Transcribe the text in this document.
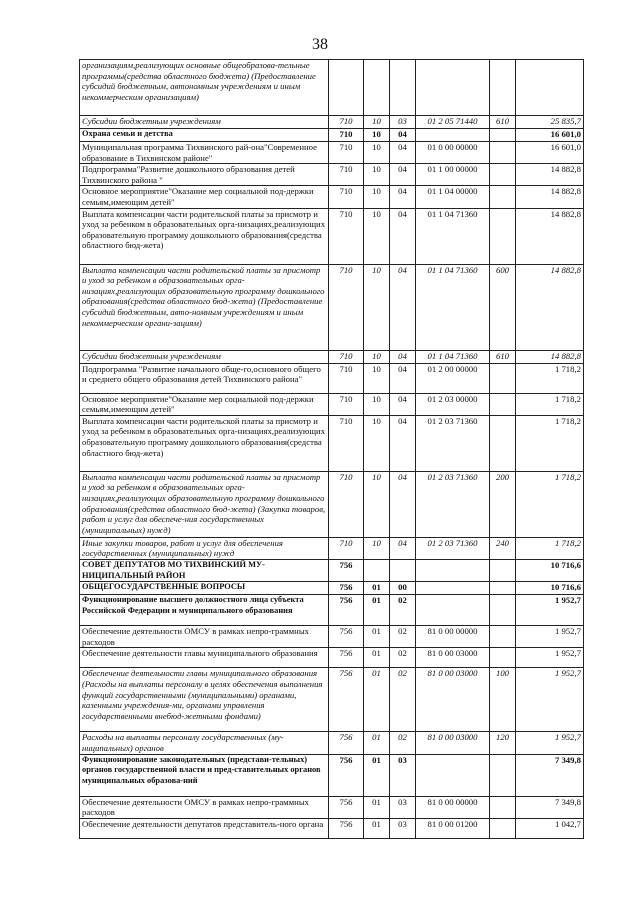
38
организациям,реализующих основные общеобразова-тельные программы(средства областного бюджета) (Предоставление субсидий бюджетным, автономным учреждениям и иным некоммерческим организациям)						
Субсидии бюджетным учреждениям	710	10	03	01 2 05 71440	610	25 835,7
Охрана семьи и детства	710	10	04			16 601,0
Муниципальная программа Тихвинского рай-она"Современное образование в Тихвинском районе"	710	10	04	01 0 00 00000		16 601,0
Подпрограмма"Развитие дошкольного образования детей Тихвинского района "	710	10	04	01 1 00 00000		14 882,8
Основное мероприятие"Оказание мер социальной под-держки семьям,имеющим детей"	710	10	04	01 1 04 00000		14 882,8
Выплата компенсации части родительской платы за присмотр и уход за ребенком в образовательных орга-низациях,реализующих образовательную программу дошкольного образования(средства областного бюд-жета)	710	10	04	01 1 04 71360		14 882,8
Выплата компенсации части родительской платы за присмотр и уход за ребенком в образовательных орга-низациях,реализующих образовательную программу дошкольного образования(средства областного бюд-жета) (Предоставление субсидий бюджетным, авто-номным учреждениям и иным некоммерческим органи-зациям)	710	10	04	01 1 04 71360	600	14 882,8
Субсидии бюджетным учреждениям	710	10	04	01 1 04 71360	610	14 882,8
Подпрограмма "Развитие начального обще-го,основного общего и среднего общего образования детей Тихвинского района"	710	10	04	01 2 00 00000		1 718,2
Основное мероприятие"Оказание мер социальной под-держки семьям,имеющим детей"	710	10	04	01 2 03 00000		1 718,2
Выплата компенсации части родительской платы за присмотр и уход за ребенком в образовательных орга-низациях,реализующих образовательную программу дошкольного образования(средства областного бюд-жета)	710	10	04	01 2 03 71360		1 718,2
Выплата компенсации части родительской платы за присмотр и уход за ребенком в образовательных орга-низациях,реализующих образовательную программу дошкольного образования(средства областного бюд-жета) (Закупка товаров, работ и услуг для обеспече-ния государственных (муниципальных) нужд)	710	10	04	01 2 03 71360	200	1 718,2
Иные закупки товаров, работ и услуг для обеспечения государственных (муниципальных) нужд	710	10	04	01 2 03 71360	240	1 718,2
СОВЕТ ДЕПУТАТОВ МО ТИХВИНСКИЙ МУ-НИЦИПАЛЬНЫЙ РАЙОН	756					10 716,6
ОБЩЕГОСУДАРСТВЕННЫЕ ВОПРОСЫ	756	01	00			10 716,6
Функционирование высшего должностного лица субъекта Российской Федерации и муниципального образования	756	01	02			1 952,7
Обеспечение деятельности ОМСУ в рамках непро-граммных расходов	756	01	02	81 0 00 00000		1 952,7
Обеспечение деятельности главы муниципального образования	756	01	02	81 0 00 03000		1 952,7
Обеспечение деятельности главы муниципального образования (Расходы на выплаты персоналу в целях обеспечения выполнения функций государственными (муниципальными) органами, казенными учреждения-ми, органами управления государственными внебюд-жетными фондами)	756	01	02	81 0 00 03000	100	1 952,7
Расходы на выплаты персоналу государственных (му-ниципальных) органов	756	01	02	81 0 00 03000	120	1 952,7
Функционирование законодательных (представи-тельных) органов государственной власти и пред-ставительных органов муниципальных образова-ний	756	01	03			7 349,8
Обеспечение деятельности ОМСУ в рамках непро-граммных расходов	756	01	03	81 0 00 00000		7 349,8
Обеспечение деятельности депутатов представитель-ного органа	756	01	03	81 0 00 01200		1 042,7
